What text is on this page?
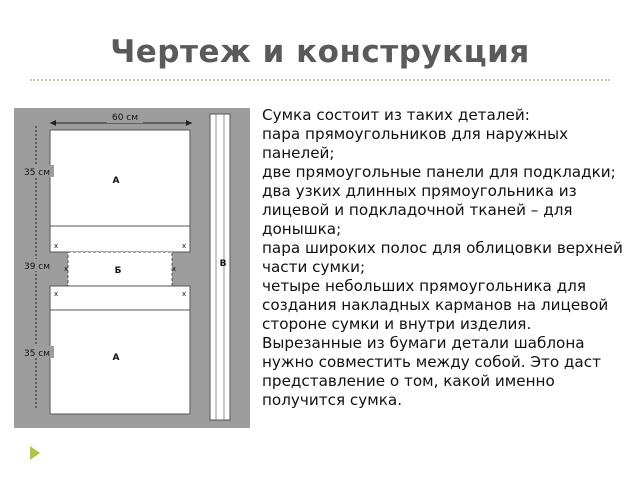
Чертеж и конструкция
60 см
А
35 см
x	x
Б
x	x
39 см
x	x
А
35 см
В

Сумка состоит из таких деталей:

пара прямоугольников для наружных панелей;

две прямоугольные панели для подкладки;

два узких длинных прямоугольника из лицевой и подкладочной тканей – для донышка;

пара широких полос для облицовки верхней части сумки;

четыре небольших прямоугольника для создания накладных карманов на лицевой стороне сумки и внутри изделия.

Вырезанные из бумаги детали шаблона нужно совместить между собой. Это даст представление о том, какой именно получится сумка.
